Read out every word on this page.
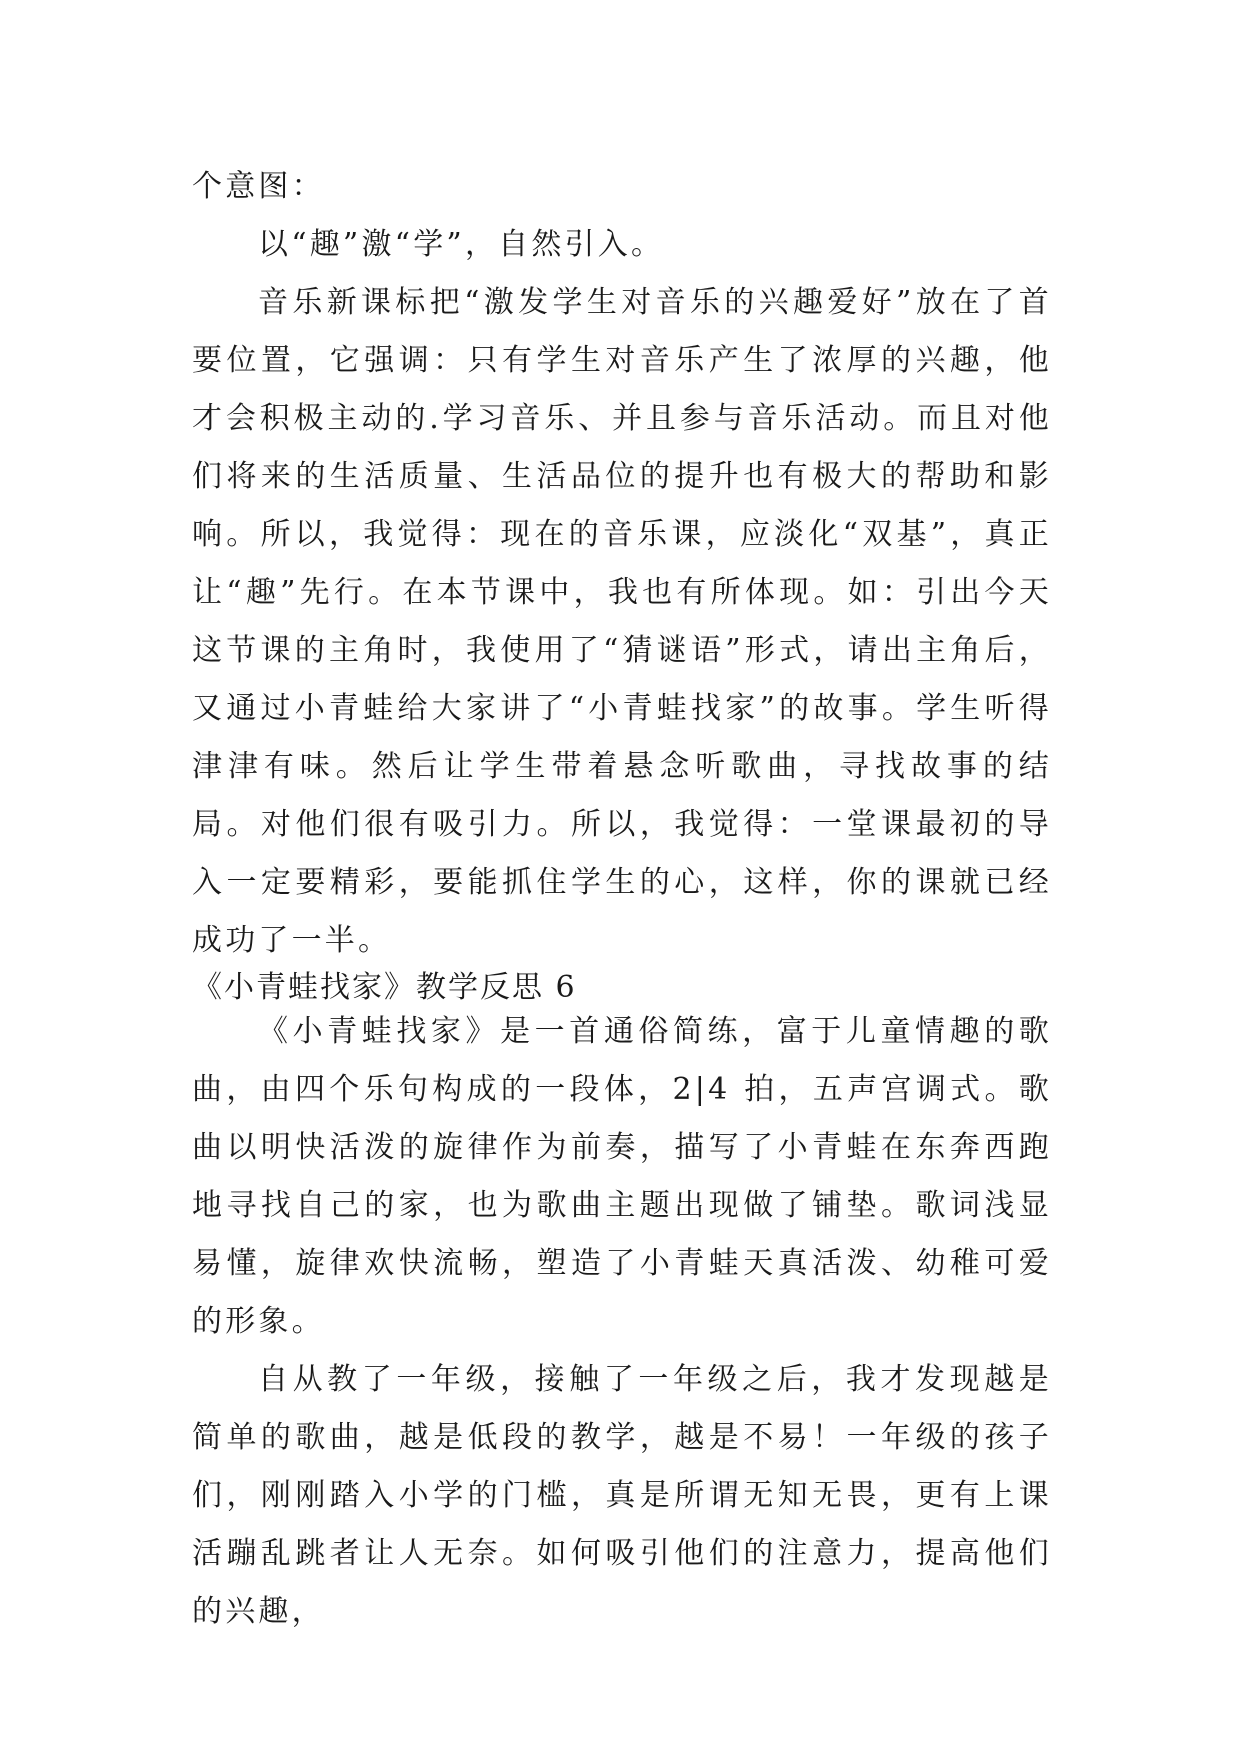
个意图：

以“趣”激“学”，自然引入。

音乐新课标把“激发学生对音乐的兴趣爱好”放在了首要位置，它强调：只有学生对音乐产生了浓厚的兴趣，他才会积极主动的.学习音乐、并且参与音乐活动。而且对他们将来的生活质量、生活品位的提升也有极大的帮助和影响。所以，我觉得：现在的音乐课，应淡化“双基”，真正让“趣”先行。在本节课中，我也有所体现。如：引出今天这节课的主角时，我使用了“猜谜语”形式，请出主角后，又通过小青蛙给大家讲了“小青蛙找家”的故事。学生听得津津有味。然后让学生带着悬念听歌曲，寻找故事的结局。对他们很有吸引力。所以，我觉得：一堂课最初的导入一定要精彩，要能抓住学生的心，这样，你的课就已经成功了一半。

《小青蛙找家》教学反思 6

《小青蛙找家》是一首通俗简练，富于儿童情趣的歌曲，由四个乐句构成的一段体，2|4 拍，五声宫调式。歌曲以明快活泼的旋律作为前奏，描写了小青蛙在东奔西跑地寻找自己的家，也为歌曲主题出现做了铺垫。歌词浅显易懂，旋律欢快流畅，塑造了小青蛙天真活泼、幼稚可爱的形象。

自从教了一年级，接触了一年级之后，我才发现越是简单的歌曲，越是低段的教学，越是不易！一年级的孩子们，刚刚踏入小学的门槛，真是所谓无知无畏，更有上课活蹦乱跳者让人无奈。如何吸引他们的注意力，提高他们的兴趣，
